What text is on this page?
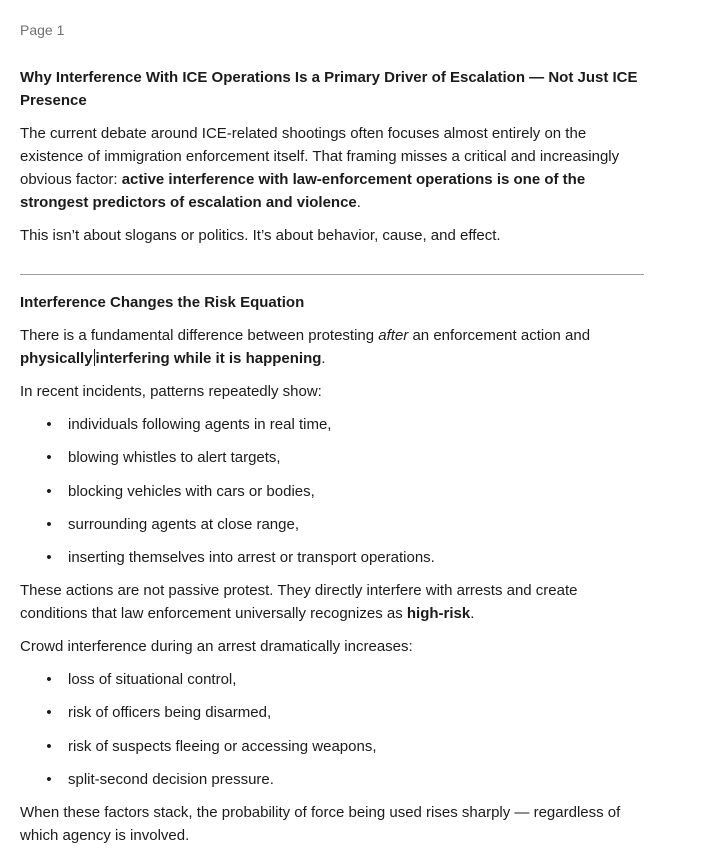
Page 1
Why Interference With ICE Operations Is a Primary Driver of Escalation — Not Just ICE Presence

The current debate around ICE-related shootings often focuses almost entirely on the existence of immigration enforcement itself. That framing misses a critical and increasingly obvious factor: active interference with law-enforcement operations is one of the strongest predictors of escalation and violence.

This isn’t about slogans or politics. It’s about behavior, cause, and effect.

Interference Changes the Risk Equation

There is a fundamental difference between protesting after an enforcement action and physically interfering while it is happening.

In recent incidents, patterns repeatedly show:

• individuals following agents in real time,
• blowing whistles to alert targets,
• blocking vehicles with cars or bodies,
• surrounding agents at close range,
• inserting themselves into arrest or transport operations.

These actions are not passive protest. They directly interfere with arrests and create conditions that law enforcement universally recognizes as high-risk.

Crowd interference during an arrest dramatically increases:

• loss of situational control,
• risk of officers being disarmed,
• risk of suspects fleeing or accessing weapons,
• split-second decision pressure.

When these factors stack, the probability of force being used rises sharply — regardless of which agency is involved.
